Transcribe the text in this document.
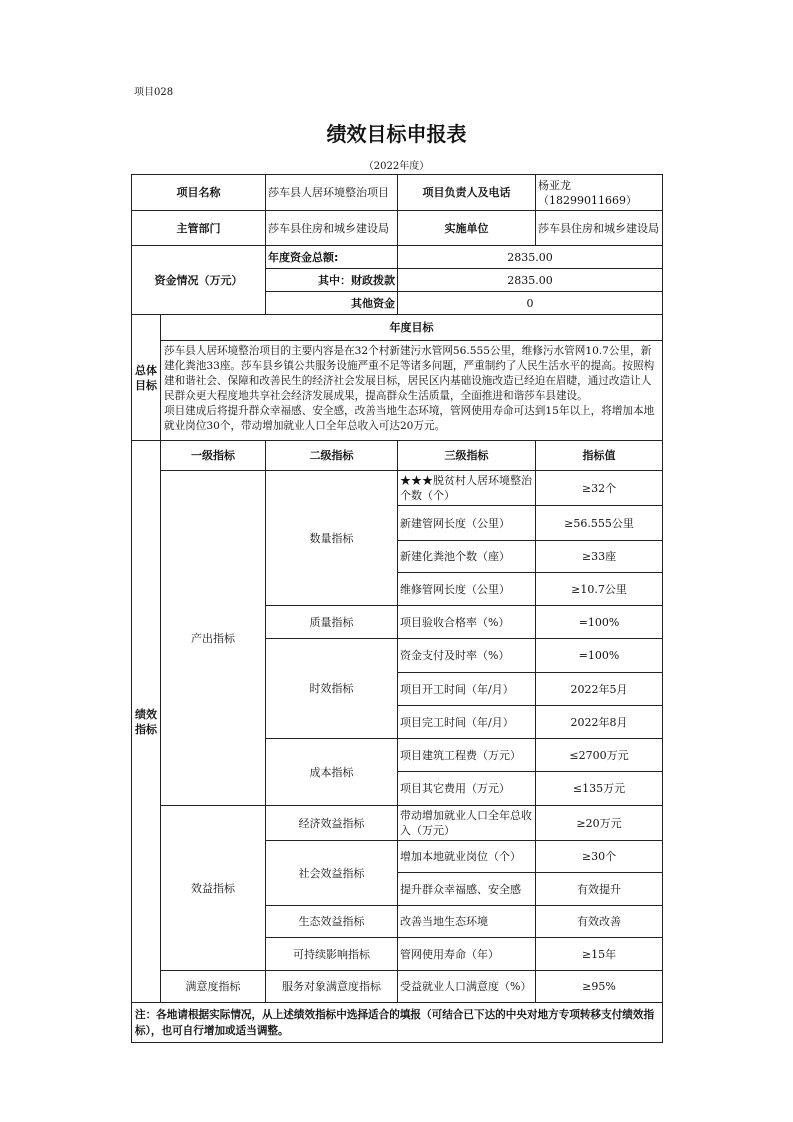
项目028
绩效目标申报表
（2022年度）
项目名称		莎车县人居环境整治项目	项目负责人及电话	杨亚龙（18299011669）
主管部门		莎车县住房和城乡建设局	实施单位	莎车县住房和城乡建设局
资金情况（万元）		年度资金总额:	2835.00	
		其中：财政拨款	2835.00	
		其他资金	0	
总体目标	年度目标			

	莎车县人居环境整治项目的主要内容是在32个村新建污水管网56.555公里，维修污水管网10.7公里，新建化粪池33座。莎车县乡镇公共服务设施严重不足等诸多问题，严重制约了人民生活水平的提高。按照构建和谐社会、保障和改善民生的经济社会发展目标，居民区内基础设施改造已经迫在眉睫，通过改造让人民群众更大程度地共享社会经济发展成果，提高群众生活质量，全面推进和谐莎车县建设。
项目建成后将提升群众幸福感、安全感，改善当地生态环境，管网使用寿命可达到15年以上，将增加本地就业岗位30个，带动增加就业人口全年总收入可达20万元。			

绩效指标	一级指标	二级指标	三级指标	指标值
	产出指标	数量指标	★★★脱贫村人居环境整治个数（个）	≥32个
			新建管网长度（公里）	≥56.555公里
			新建化粪池个数（座）	≥33座
			维修管网长度（公里）	≥10.7公里
		质量指标	项目验收合格率（%）	=100%
		时效指标	资金支付及时率（%）	=100%
			项目开工时间（年/月）	2022年5月
			项目完工时间（年/月）	2022年8月
		成本指标	项目建筑工程费（万元）	≤2700万元
			项目其它费用（万元）	≤135万元
	效益指标	经济效益指标	带动增加就业人口全年总收入（万元）	≥20万元
		社会效益指标	增加本地就业岗位（个）	≥30个
			提升群众幸福感、安全感	有效提升
		生态效益指标	改善当地生态环境	有效改善
		可持续影响指标	管网使用寿命（年）	≥15年
	满意度指标	服务对象满意度指标	受益就业人口满意度（%）	≥95%
注：各地请根据实际情况，从上述绩效指标中选择适合的填报（可结合已下达的中央对地方专项转移支付绩效指标），也可自行增加或适当调整。				
